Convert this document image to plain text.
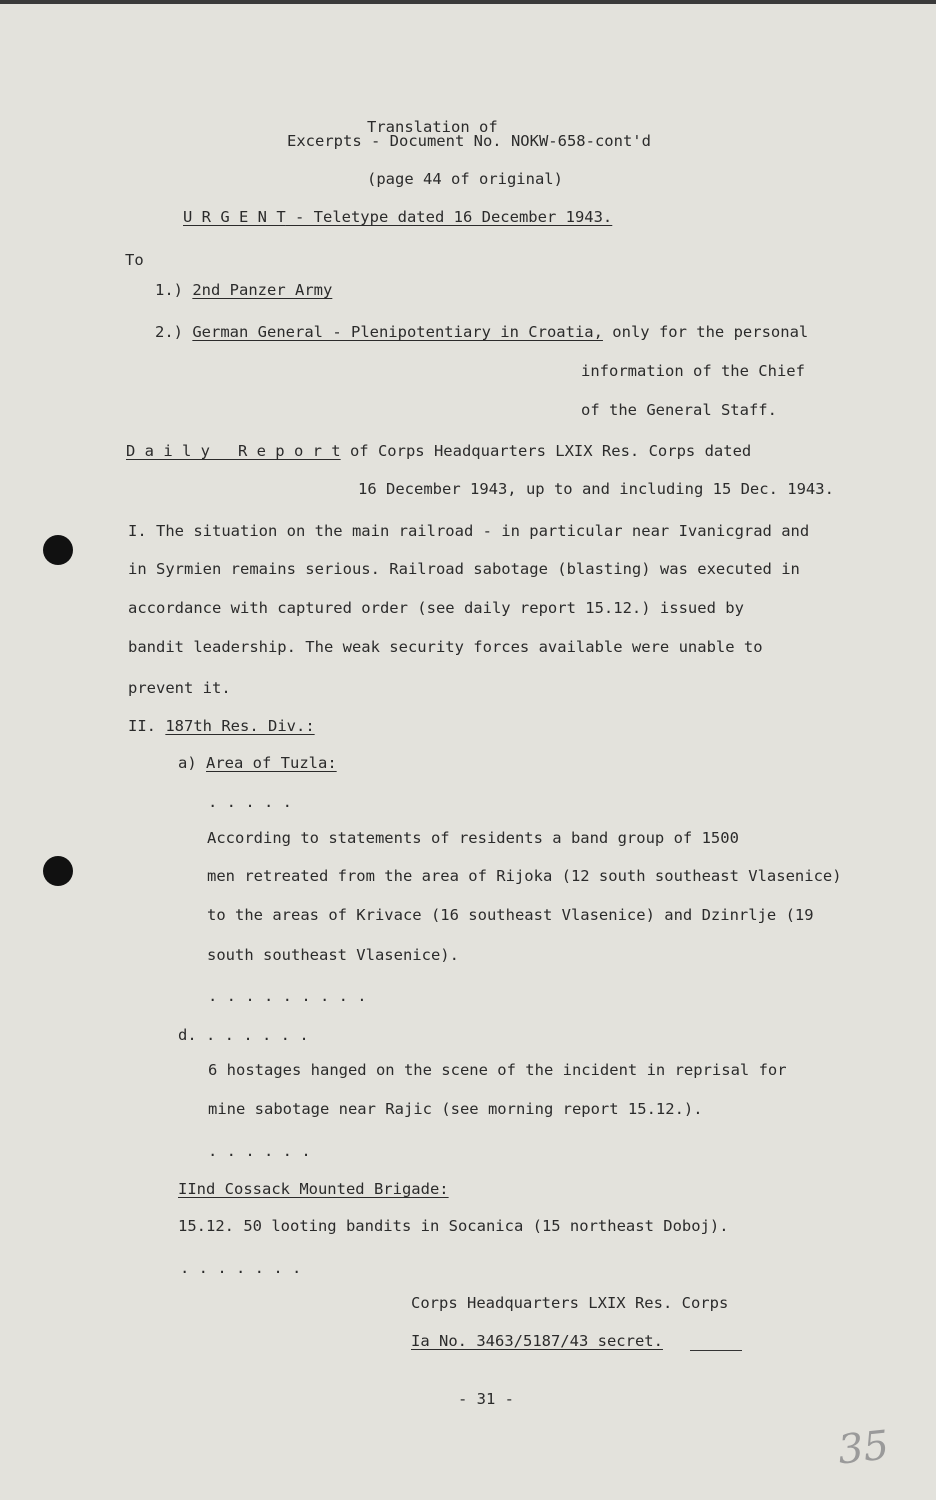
Translation of
Excerpts - Document No. NOKW-658-cont'd
(page 44 of original)
U R G E N T - Teletype dated 16 December 1943.
To
1.) 2nd Panzer Army
2.) German General - Plenipotentiary in Croatia, only for the personal
information of the Chief
of the General Staff.
D a i l y   R e p o r t of Corps Headquarters LXIX Res. Corps dated
16 December 1943, up to and including 15 Dec. 1943.
I. The situation on the main railroad - in particular near Ivanicgrad and
in Syrmien remains serious. Railroad sabotage (blasting) was executed in
accordance with captured order (see daily report 15.12.) issued by
bandit leadership. The weak security forces available were unable to
prevent it.
II. 187th Res. Div.:
a) Area of Tuzla:
. . . . .
According to statements of residents a band group of 1500
men retreated from the area of Rijoka (12 south southeast Vlasenice)
to the areas of Krivace (16 southeast Vlasenice) and Dzinrlje (19
south southeast Vlasenice).
. . . . . . . . .
d. . . . . . .
6 hostages hanged on the scene of the incident in reprisal for
mine sabotage near Rajic (see morning report 15.12.).
. . . . . .
IInd Cossack Mounted Brigade:
15.12. 50 looting bandits in Socanica (15 northeast Doboj).
. . . . . . .
Corps Headquarters LXIX Res. Corps
Ia No. 3463/5187/43 secret.
- 31 -
35
